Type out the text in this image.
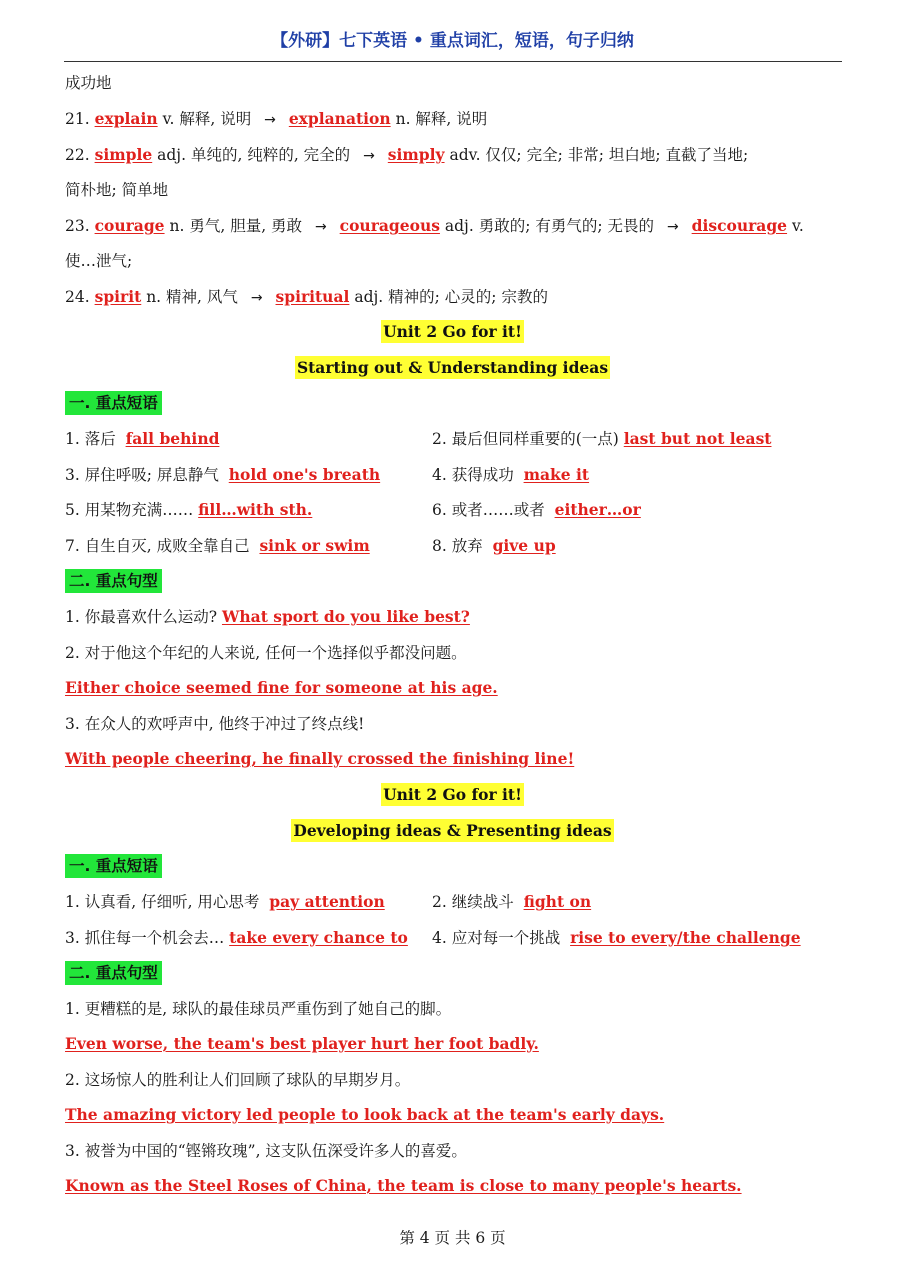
【外研】七下英语 • 重点词汇，短语，句子归纳
成功地
21. explain v. 解释, 说明 → explanation n. 解释, 说明
22. simple adj. 单纯的, 纯粹的, 完全的 → simply adv. 仅仅; 完全; 非常; 坦白地; 直截了当地;
简朴地; 简单地
23. courage n. 勇气, 胆量, 勇敢 → courageous adj. 勇敢的; 有勇气的; 无畏的 → discourage v.
使…泄气;
24. spirit n. 精神, 风气 → spiritual adj. 精神的; 心灵的; 宗教的
Unit 2 Go for it!
Starting out & Understanding ideas
一. 重点短语
1. 落后 fall behind	2. 最后但同样重要的(一点) last but not least
3. 屏住呼吸; 屏息静气 hold one's breath	4. 获得成功 make it
5. 用某物充满…… fill…with sth.	6. 或者……或者 either…or
7. 自生自灭, 成败全靠自己 sink or swim	8. 放弃 give up
二. 重点句型
1. 你最喜欢什么运动? What sport do you like best?
2. 对于他这个年纪的人来说, 任何一个选择似乎都没问题。
Either choice seemed fine for someone at his age.
3. 在众人的欢呼声中, 他终于冲过了终点线!
With people cheering, he finally crossed the finishing line!
Unit 2 Go for it!
Developing ideas & Presenting ideas
一. 重点短语
1. 认真看, 仔细听, 用心思考 pay attention	2. 继续战斗 fight on
3. 抓住每一个机会去… take every chance to 4. 应对每一个挑战 rise to every/the challenge
二. 重点句型
1. 更糟糕的是, 球队的最佳球员严重伤到了她自己的脚。
Even worse, the team's best player hurt her foot badly.
2. 这场惊人的胜利让人们回顾了球队的早期岁月。
The amazing victory led people to look back at the team's early days.
3. 被誉为中国的“铿锵玫瑰”, 这支队伍深受许多人的喜爱。
Known as the Steel Roses of China, the team is close to many people's hearts.
第 4 页 共 6 页
